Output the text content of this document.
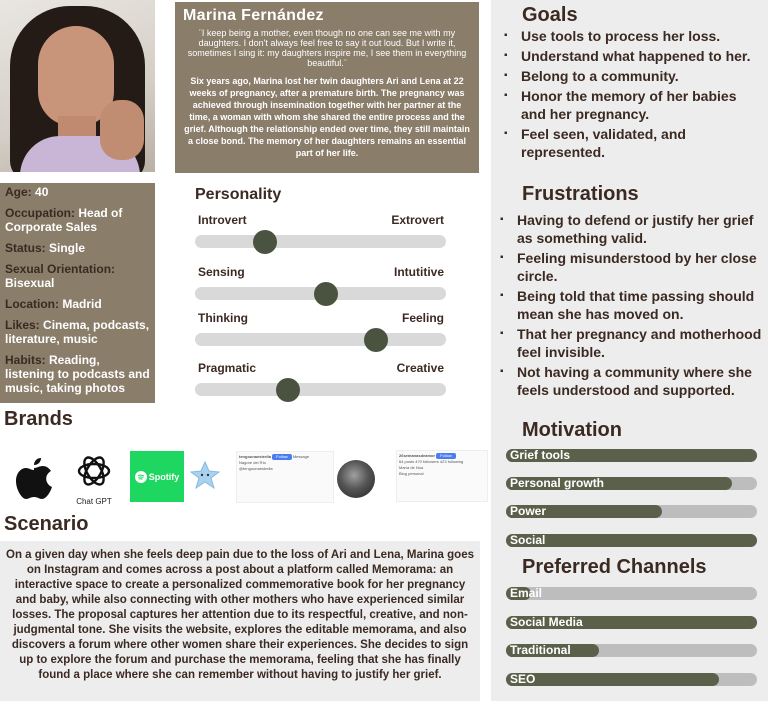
Marina Fernández
¨I keep being a mother, even though no one can see me with my daughters. I don't always feel free to say it out loud. But I write it, sometimes I sing it: my daughters inspire me, I see them in everything beautiful.¨
Six years ago, Marina lost her twin daughters Ari and Lena at 22 weeks of pregnancy, after a premature birth. The pregnancy was achieved through insemination together with her partner at the time, a woman with whom she shared the entire process and the grief. Although the relationship ended over time, they still maintain a close bond. The memory of her daughters remains an essential part of her life.
Age: 40
Occupation: Head of Corporate Sales
Status: Single
Sexual Orientation: Bisexual
Location: Madrid
Likes: Cinema, podcasts, literature, music
Habits: Reading, listening to podcasts and music, taking photos
Personality
Introvert	Extrovert
Sensing	Intutitive
Thinking	Feeling
Pragmatic	Creative
Brands
Chat GPT
Spotify
tengounaestrella Follow Message
Nagore del Río
@tengounaestrella
26semanasdeamor Follow
64 posts 470 followers 423 following
María de Noa
Blog personal
Scenario
On a given day when she feels deep pain due to the loss of Ari and Lena, Marina goes on Instagram and comes across a post about a platform called Memorama: an interactive space to create a personalized commemorative book for her pregnancy and baby, while also connecting with other mothers who have experienced similar losses. The proposal captures her attention due to its respectful, creative, and non-judgmental tone. She visits the website, explores the editable memorama, and also discovers a forum where other women share their experiences. She decides to sign up to explore the forum and purchase the memorama, feeling that she has finally found a place where she can remember without having to justify her grief.
Goals
▪ Use tools to process her loss.
▪ Understand what happened to her.
▪ Belong to a community.
▪ Honor the memory of her babies and her pregnancy.
▪ Feel seen, validated, and represented.
Frustrations
▪ Having to defend or justify her grief as something valid.
▪ Feeling misunderstood by her close circle.
▪ Being told that time passing should mean she has moved on.
▪ That her pregnancy and motherhood feel invisible.
▪ Not having a community where she feels understood and supported.
Motivation
Grief tools
Personal growth
Power
Social
Preferred Channels
Email
Social Media
Traditional
SEO
